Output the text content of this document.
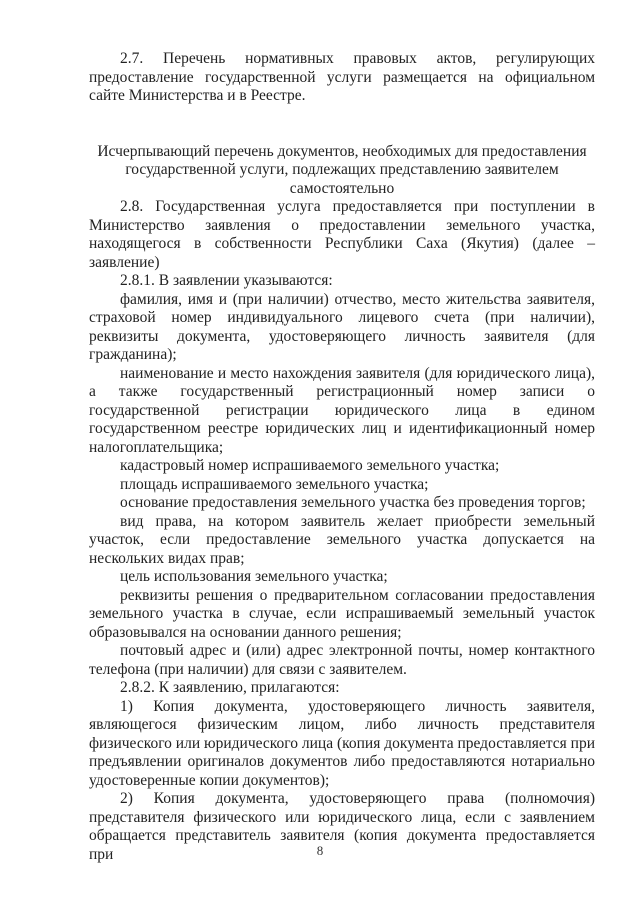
2.7. Перечень нормативных правовых актов, регулирующих предоставление государственной услуги размещается на официальном сайте Министерства и в Реестре.

Исчерпывающий перечень документов, необходимых для предоставления государственной услуги, подлежащих представлению заявителем самостоятельно

2.8. Государственная услуга предоставляется при поступлении в Министерство заявления о предоставлении земельного участка, находящегося в собственности Республики Саха (Якутия) (далее – заявление)

2.8.1. В заявлении указываются:

фамилия, имя и (при наличии) отчество, место жительства заявителя, страховой номер индивидуального лицевого счета (при наличии), реквизиты документа, удостоверяющего личность заявителя (для гражданина);

наименование и место нахождения заявителя (для юридического лица), а также государственный регистрационный номер записи о государственной регистрации юридического лица в едином государственном реестре юридических лиц и идентификационный номер налогоплательщика;

кадастровый номер испрашиваемого земельного участка;

площадь испрашиваемого земельного участка;

основание предоставления земельного участка без проведения торгов;

вид права, на котором заявитель желает приобрести земельный участок, если предоставление земельного участка допускается на нескольких видах прав;

цель использования земельного участка;

реквизиты решения о предварительном согласовании предоставления земельного участка в случае, если испрашиваемый земельный участок образовывался на основании данного решения;

почтовый адрес и (или) адрес электронной почты, номер контактного телефона (при наличии) для связи с заявителем.

2.8.2. К заявлению, прилагаются:

1) Копия документа, удостоверяющего личность заявителя, являющегося физическим лицом, либо личность представителя физического или юридического лица (копия документа предоставляется при предъявлении оригиналов документов либо предоставляются нотариально удостоверенные копии документов);

2) Копия документа, удостоверяющего права (полномочия) представителя физического или юридического лица, если с заявлением обращается представитель заявителя (копия документа предоставляется при	8
